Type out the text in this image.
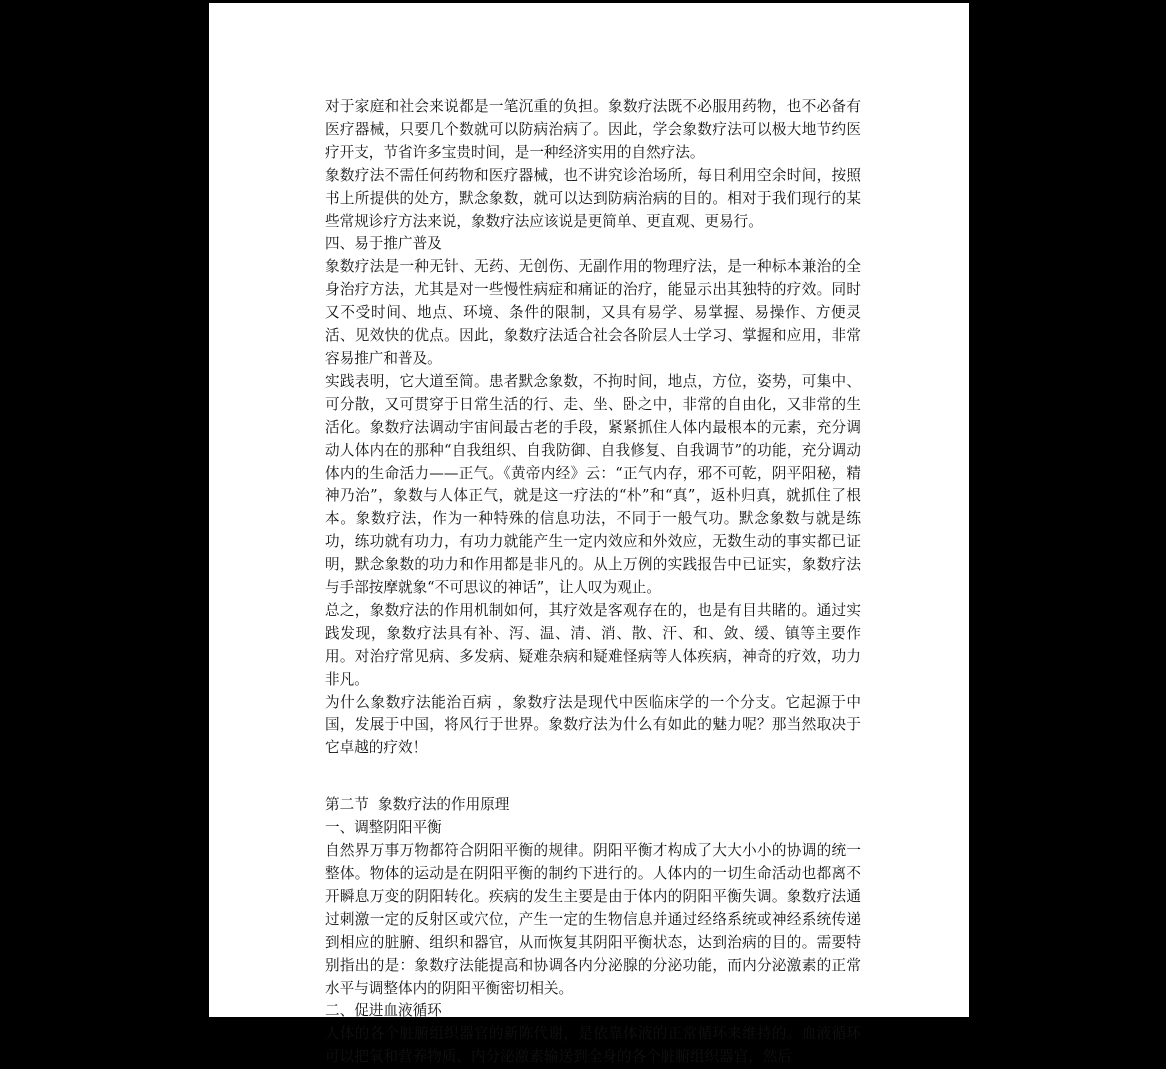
对于家庭和社会来说都是一笔沉重的负担。象数疗法既不必服用药物，也不必备有医疗器械，只要几个数就可以防病治病了。因此，学会象数疗法可以极大地节约医疗开支，节省许多宝贵时间，是一种经济实用的自然疗法。

象数疗法不需任何药物和医疗器械，也不讲究诊治场所，每日利用空余时间，按照书上所提供的处方，默念象数，就可以达到防病治病的目的。相对于我们现行的某些常规诊疗方法来说，象数疗法应该说是更简单、更直观、更易行。

四、易于推广普及

象数疗法是一种无针、无药、无创伤、无副作用的物理疗法，是一种标本兼治的全身治疗方法，尤其是对一些慢性病症和痛证的治疗，能显示出其独特的疗效。同时又不受时间、地点、环境、条件的限制，又具有易学、易掌握、易操作、方便灵活、见效快的优点。因此，象数疗法适合社会各阶层人士学习、掌握和应用，非常容易推广和普及。

实践表明，它大道至简。患者默念象数，不拘时间，地点，方位，姿势，可集中、可分散，又可贯穿于日常生活的行、走、坐、卧之中，非常的自由化，又非常的生活化。象数疗法调动宇宙间最古老的手段，紧紧抓住人体内最根本的元素，充分调动人体内在的那种“自我组织、自我防御、自我修复、自我调节”的功能，充分调动体内的生命活力——正气。《黄帝内经》云：“正气内存，邪不可乾，阴平阳秘，精神乃治”，象数与人体正气，就是这一疗法的“朴”和“真”，返朴归真，就抓住了根本。象数疗法，作为一种特殊的信息功法，不同于一般气功。默念象数与就是练功，练功就有功力，有功力就能产生一定内效应和外效应，无数生动的事实都已证明，默念象数的功力和作用都是非凡的。从上万例的实践报告中已证实，象数疗法与手部按摩就象“不可思议的神话”，让人叹为观止。

总之，象数疗法的作用机制如何，其疗效是客观存在的，也是有目共睹的。通过实践发现，象数疗法具有补、泻、温、清、消、散、汗、和、敛、缓、镇等主要作用。对治疗常见病、多发病、疑难杂病和疑难怪病等人体疾病，神奇的疗效，功力非凡。

为什么象数疗法能治百病 ，象数疗法是现代中医临床学的一个分支。它起源于中国，发展于中国，将风行于世界。象数疗法为什么有如此的魅力呢？那当然取决于它卓越的疗效！

第二节  象数疗法的作用原理

一、调整阴阳平衡

自然界万事万物都符合阴阳平衡的规律。阴阳平衡才构成了大大小小的协调的统一整体。物体的运动是在阴阳平衡的制约下进行的。人体内的一切生命活动也都离不开瞬息万变的阴阳转化。疾病的发生主要是由于体内的阴阳平衡失调。象数疗法通过刺激一定的反射区或穴位，产生一定的生物信息并通过经络系统或神经系统传递到相应的脏腑、组织和器官，从而恢复其阴阳平衡状态，达到治病的目的。需要特别指出的是：象数疗法能提高和协调各内分泌腺的分泌功能，而内分泌激素的正常水平与调整体内的阴阳平衡密切相关。

二、促进血液循环

人体的各个脏腑组织器官的新陈代谢，是依靠体液的正常循环来维持的。血液循环可以把氧和营养物质、内分泌激素输送到全身的各个脏腑组织器官，然后
